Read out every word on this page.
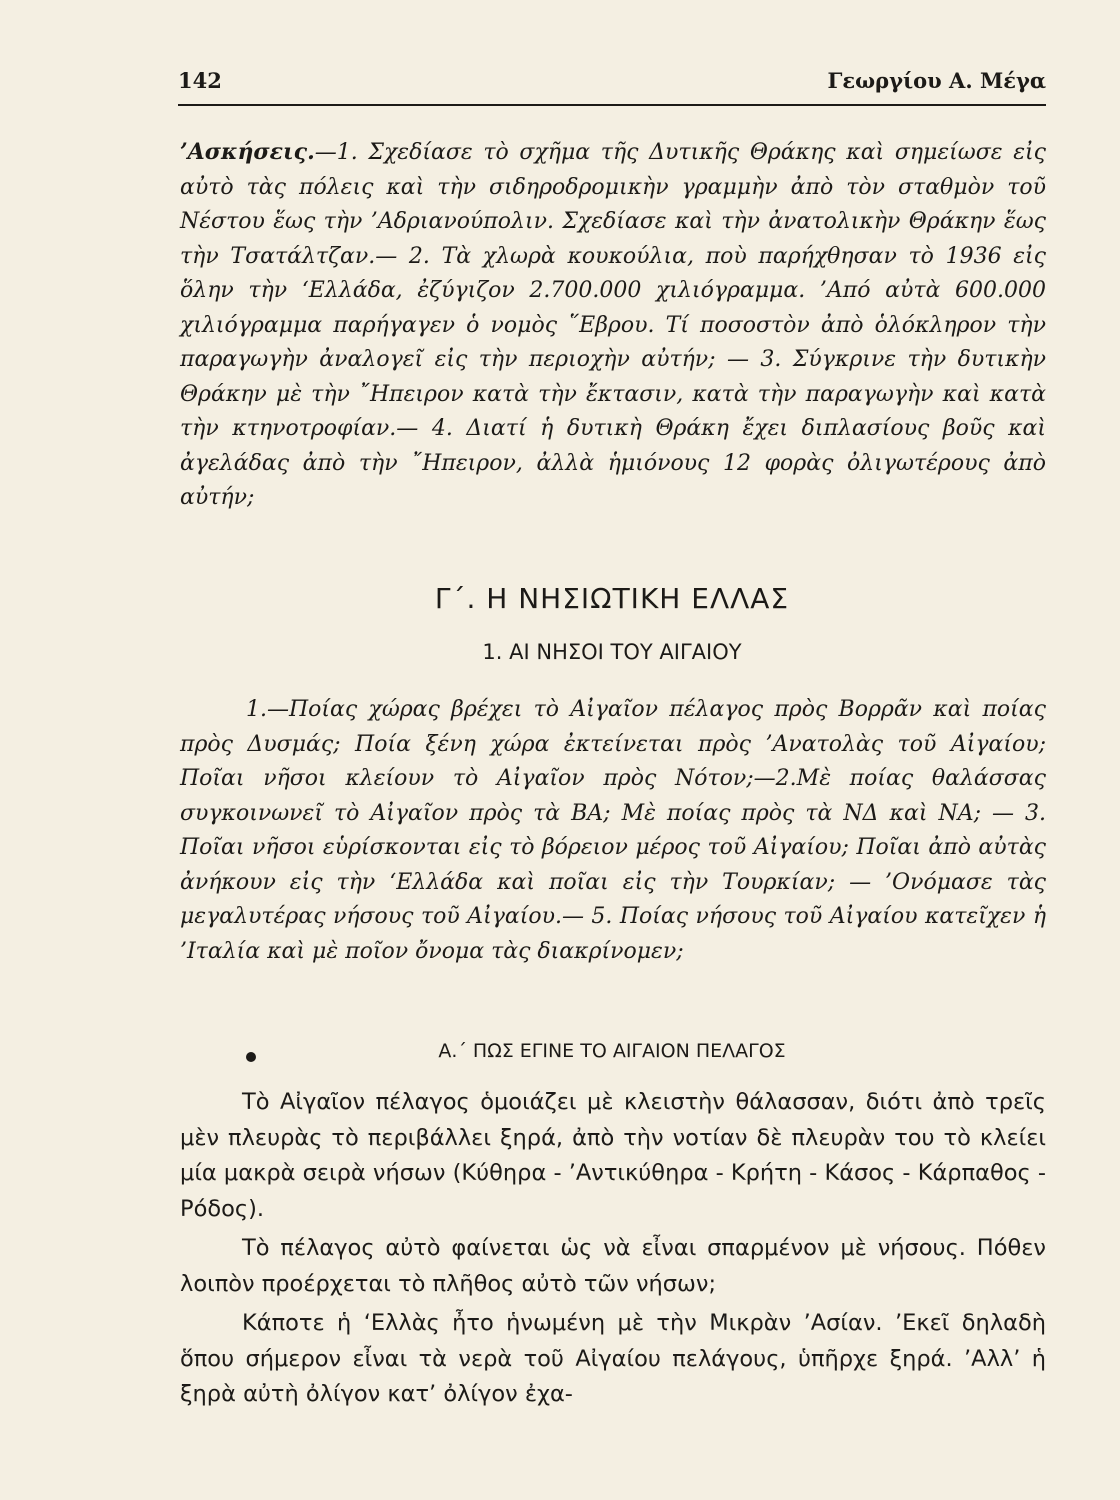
142	Γεωργίου Α. Μέγα

’Ασκήσεις.—1. Σχεδίασε τὸ σχῆμα τῆς Δυτικῆς Θράκης καὶ σημείωσε εἰς αὐτὸ τὰς πόλεις καὶ τὴν σιδηροδρομικὴν γραμμὴν ἀπὸ τὸν σταθμὸν τοῦ Νέστου ἕως τὴν ’Αδριανούπολιν. Σχεδίασε καὶ τὴν ἀνατολικὴν Θράκην ἕως τὴν Τσατάλτζαν.— 2. Τὰ χλωρὰ κουκούλια, ποὺ παρήχθησαν τὸ 1936 εἰς ὅλην τὴν ‘Ελλάδα, ἐζύγιζον 2.700.000 χιλιόγραμμα. ’Από αὐτὰ 600.000 χιλιόγραμμα παρήγαγεν ὁ νομὸς ῞Εβρου. Τί ποσοστὸν ἀπὸ ὁλόκληρον τὴν παραγωγὴν ἀναλογεῖ εἰς τὴν περιοχὴν αὐτήν; — 3. Σύγκρινε τὴν δυτικὴν Θράκην μὲ τὴν ῎Ηπειρον κατὰ τὴν ἔκτασιν, κατὰ τὴν παραγωγὴν καὶ κατὰ τὴν κτηνοτροφίαν.— 4. Διατί ἡ δυτικὴ Θράκη ἔχει διπλασίους βοῦς καὶ ἀγελάδας ἀπὸ τὴν ῎Ηπειρον, ἀλλὰ ἡμιόνους 12 φορὰς ὀλιγωτέρους ἀπὸ αὐτήν;

Γ΄. Η ΝΗΣΙΩΤΙΚΗ ΕΛΛΑΣ
1. ΑΙ ΝΗΣΟΙ ΤΟΥ ΑΙΓΑΙΟΥ

1.—Ποίας χώρας βρέχει τὸ Αἰγαῖον πέλαγος πρὸς Βορρᾶν καὶ ποίας πρὸς Δυσμάς; Ποία ξένη χώρα ἐκτείνεται πρὸς ’Ανατολὰς τοῦ Αἰγαίου; Ποῖαι νῆσοι κλείουν τὸ Αἰγαῖον πρὸς Νότον;—2.Μὲ ποίας θαλάσσας συγκοινωνεῖ τὸ Αἰγαῖον πρὸς τὰ ΒΑ; Μὲ ποίας πρὸς τὰ ΝΔ καὶ ΝΑ; — 3. Ποῖαι νῆσοι εὑρίσκονται εἰς τὸ βόρειον μέρος τοῦ Αἰγαίου; Ποῖαι ἀπὸ αὐτὰς ἀνήκουν εἰς τὴν ‘Ελλάδα καὶ ποῖαι εἰς τὴν Τουρκίαν; — ’Ονόμασε τὰς μεγαλυτέρας νήσους τοῦ Αἰγαίου.— 5. Ποίας νήσους τοῦ Αἰγαίου κατεῖχεν ἡ ’Ιταλία καὶ μὲ ποῖον ὄνομα τὰς διακρίνομεν;

Α.΄ ΠΩΣ ΕΓΙΝΕ ΤΟ ΑΙΓΑΙΟΝ ΠΕΛΑΓΟΣ

Τὸ Αἰγαῖον πέλαγος ὁμοιάζει μὲ κλειστὴν θάλασσαν, διότι ἀπὸ τρεῖς μὲν πλευρὰς τὸ περιβάλλει ξηρά, ἀπὸ τὴν νοτίαν δὲ πλευρὰν του τὸ κλείει μία μακρὰ σειρὰ νήσων (Κύθηρα - ’Αντικύθηρα - Κρήτη - Κάσος - Κάρπαθος - Ρόδος).

Τὸ πέλαγος αὐτὸ φαίνεται ὡς νὰ εἶναι σπαρμένον μὲ νήσους. Πόθεν λοιπὸν προέρχεται τὸ πλῆθος αὐτὸ τῶν νήσων;

Κάποτε ἡ ‘Ελλὰς ἦτο ἡνωμένη μὲ τὴν Μικρὰν ’Ασίαν. ’Εκεῖ δηλαδὴ ὅπου σήμερον εἶναι τὰ νερὰ τοῦ Αἰγαίου πελάγους, ὑπῆρχε ξηρά. ’Αλλ’ ἡ ξηρὰ αὐτὴ ὀλίγον κατ’ ὀλίγον ἐχα-
